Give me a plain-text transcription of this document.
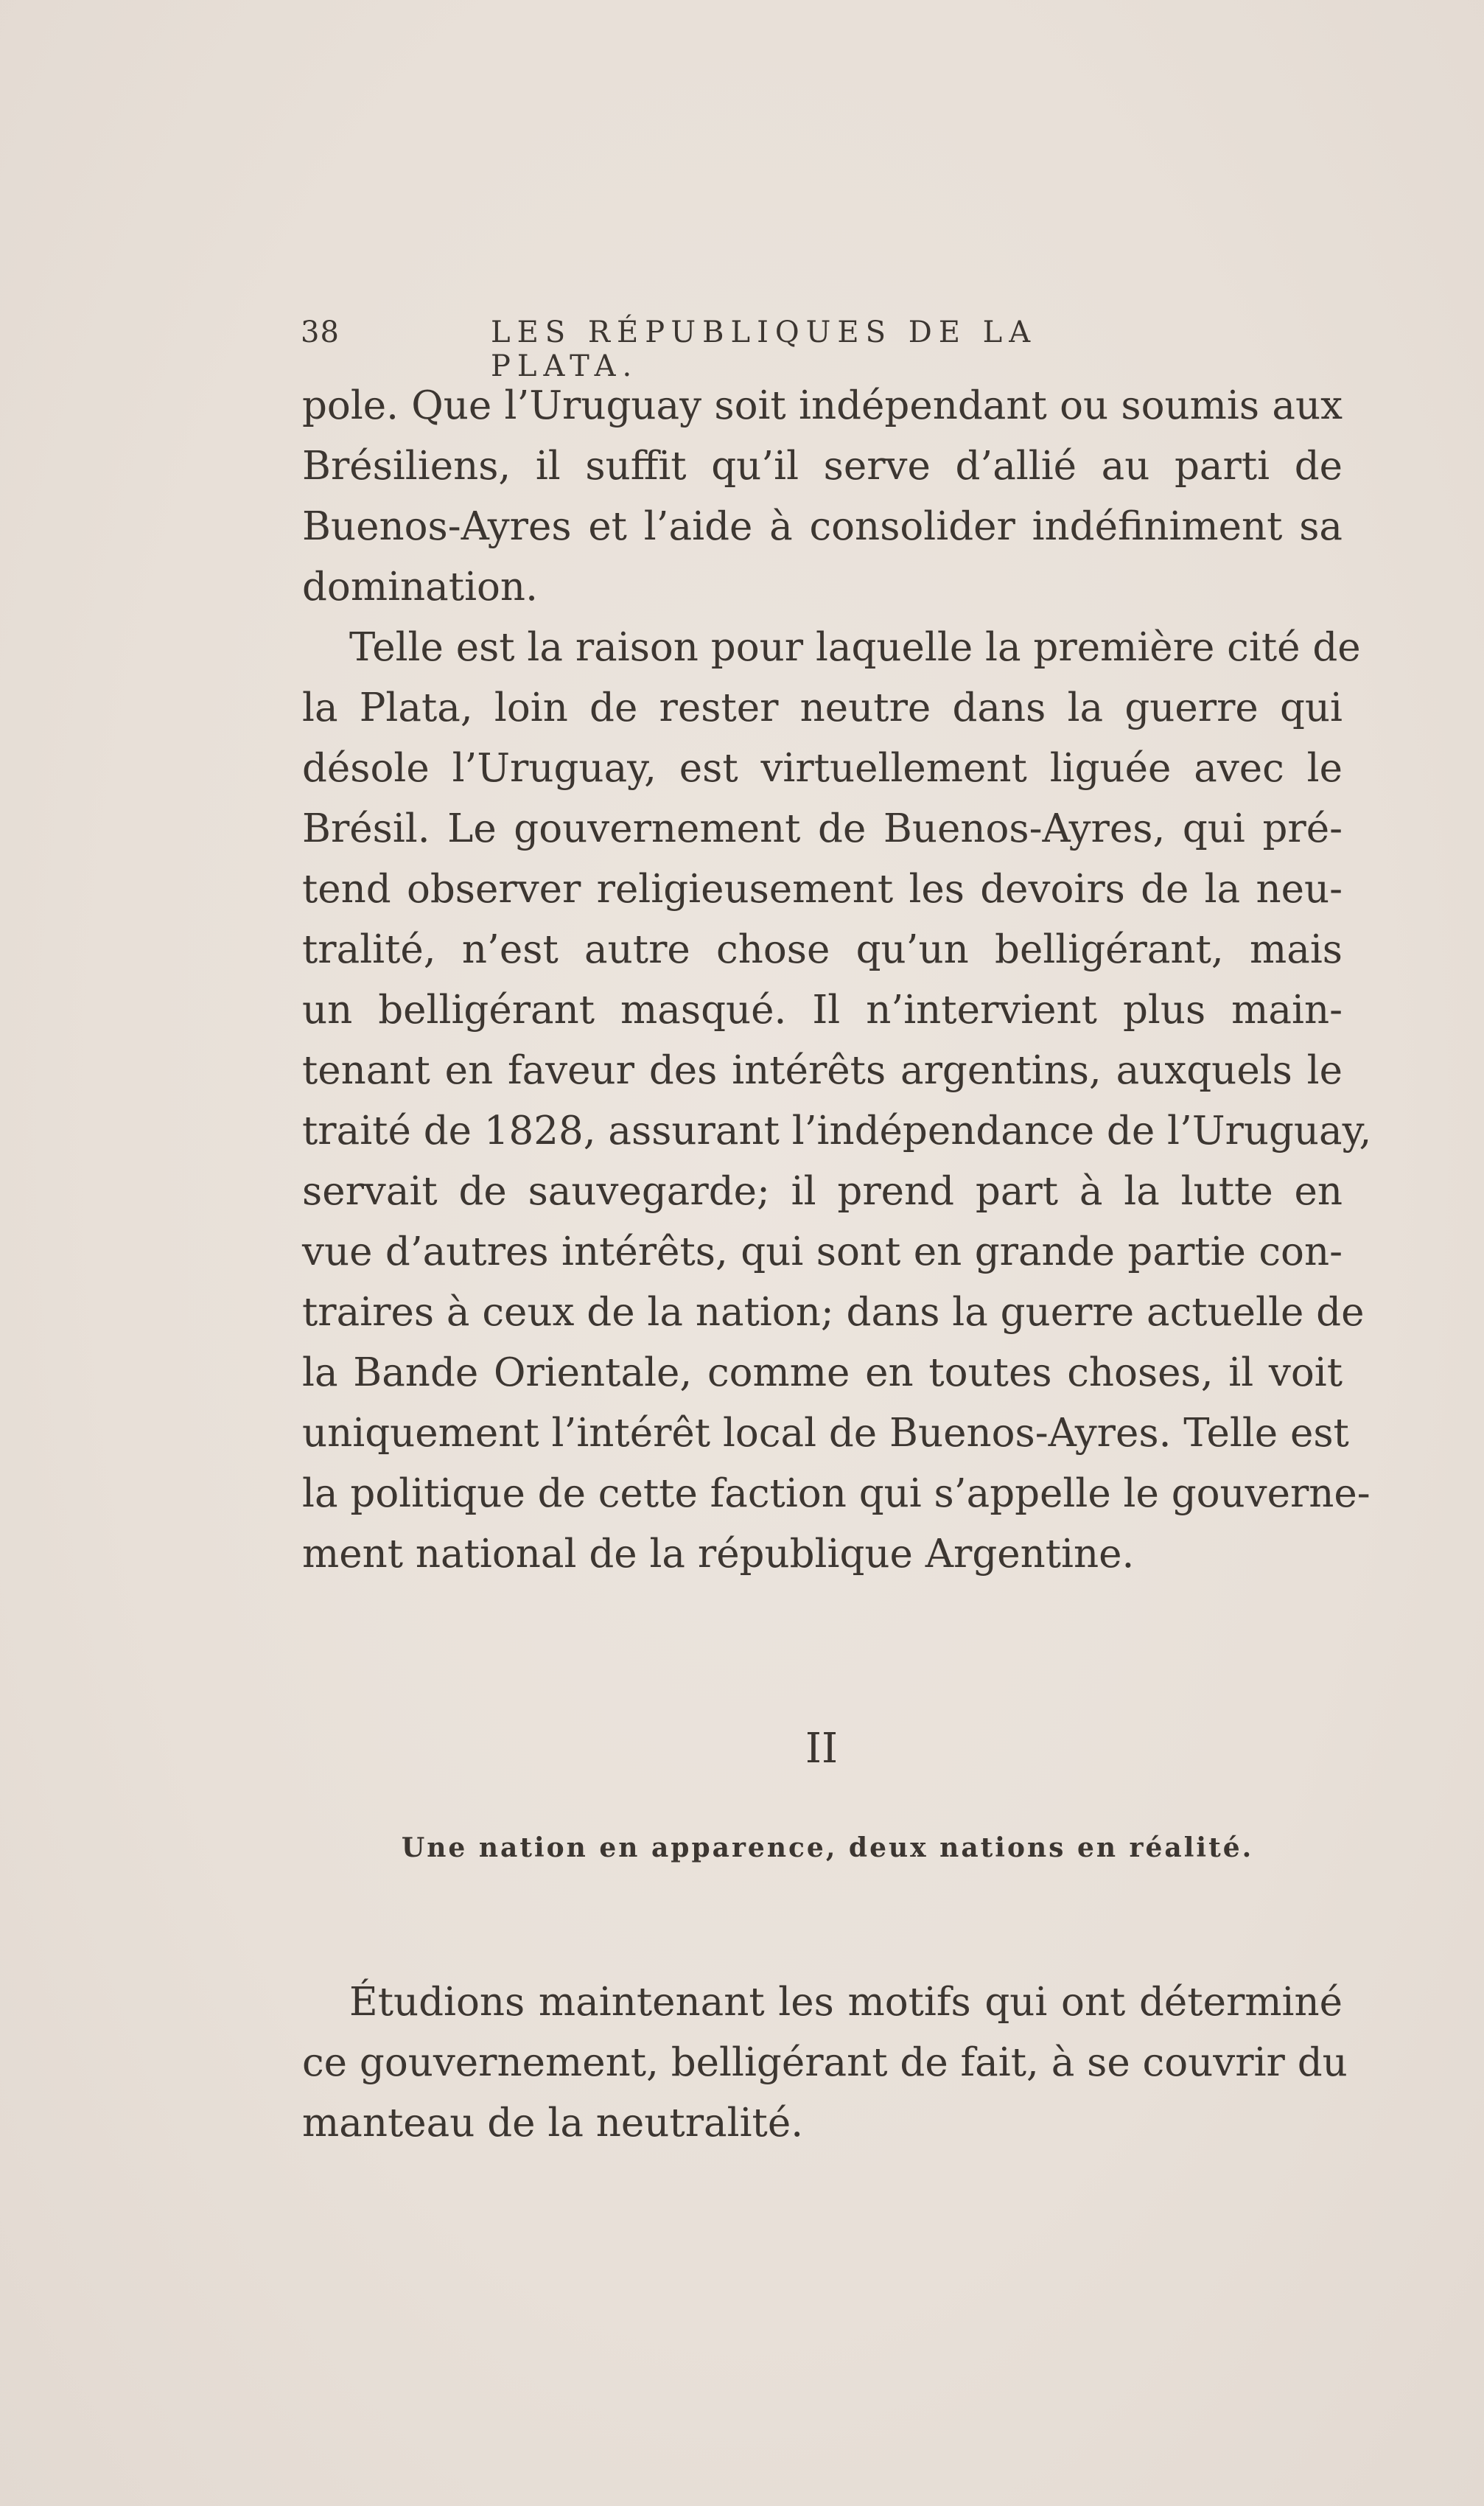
38	LES RÉPUBLIQUES DE LA PLATA.
pole. Que l’Uruguay soit indépendant ou soumis aux
Brésiliens, il suffit qu’il serve d’allié au parti de
Buenos-Ayres et l’aide à consolider indéfiniment sa
domination.
Telle est la raison pour laquelle la première cité de
la Plata, loin de rester neutre dans la guerre qui
désole l’Uruguay, est virtuellement liguée avec le
Brésil. Le gouvernement de Buenos-Ayres, qui pré-
tend observer religieusement les devoirs de la neu-
tralité, n’est autre chose qu’un belligérant, mais
un belligérant masqué. Il n’intervient plus main-
tenant en faveur des intérêts argentins, auxquels le
traité de 1828, assurant l’indépendance de l’Uruguay,
servait de sauvegarde; il prend part à la lutte en
vue d’autres intérêts, qui sont en grande partie con-
traires à ceux de la nation; dans la guerre actuelle de
la Bande Orientale, comme en toutes choses, il voit
uniquement l’intérêt local de Buenos-Ayres. Telle est
la politique de cette faction qui s’appelle le gouverne-
ment national de la république Argentine.
II
Une nation en apparence, deux nations en réalité.
Étudions maintenant les motifs qui ont déterminé
ce gouvernement, belligérant de fait, à se couvrir du
manteau de la neutralité.
